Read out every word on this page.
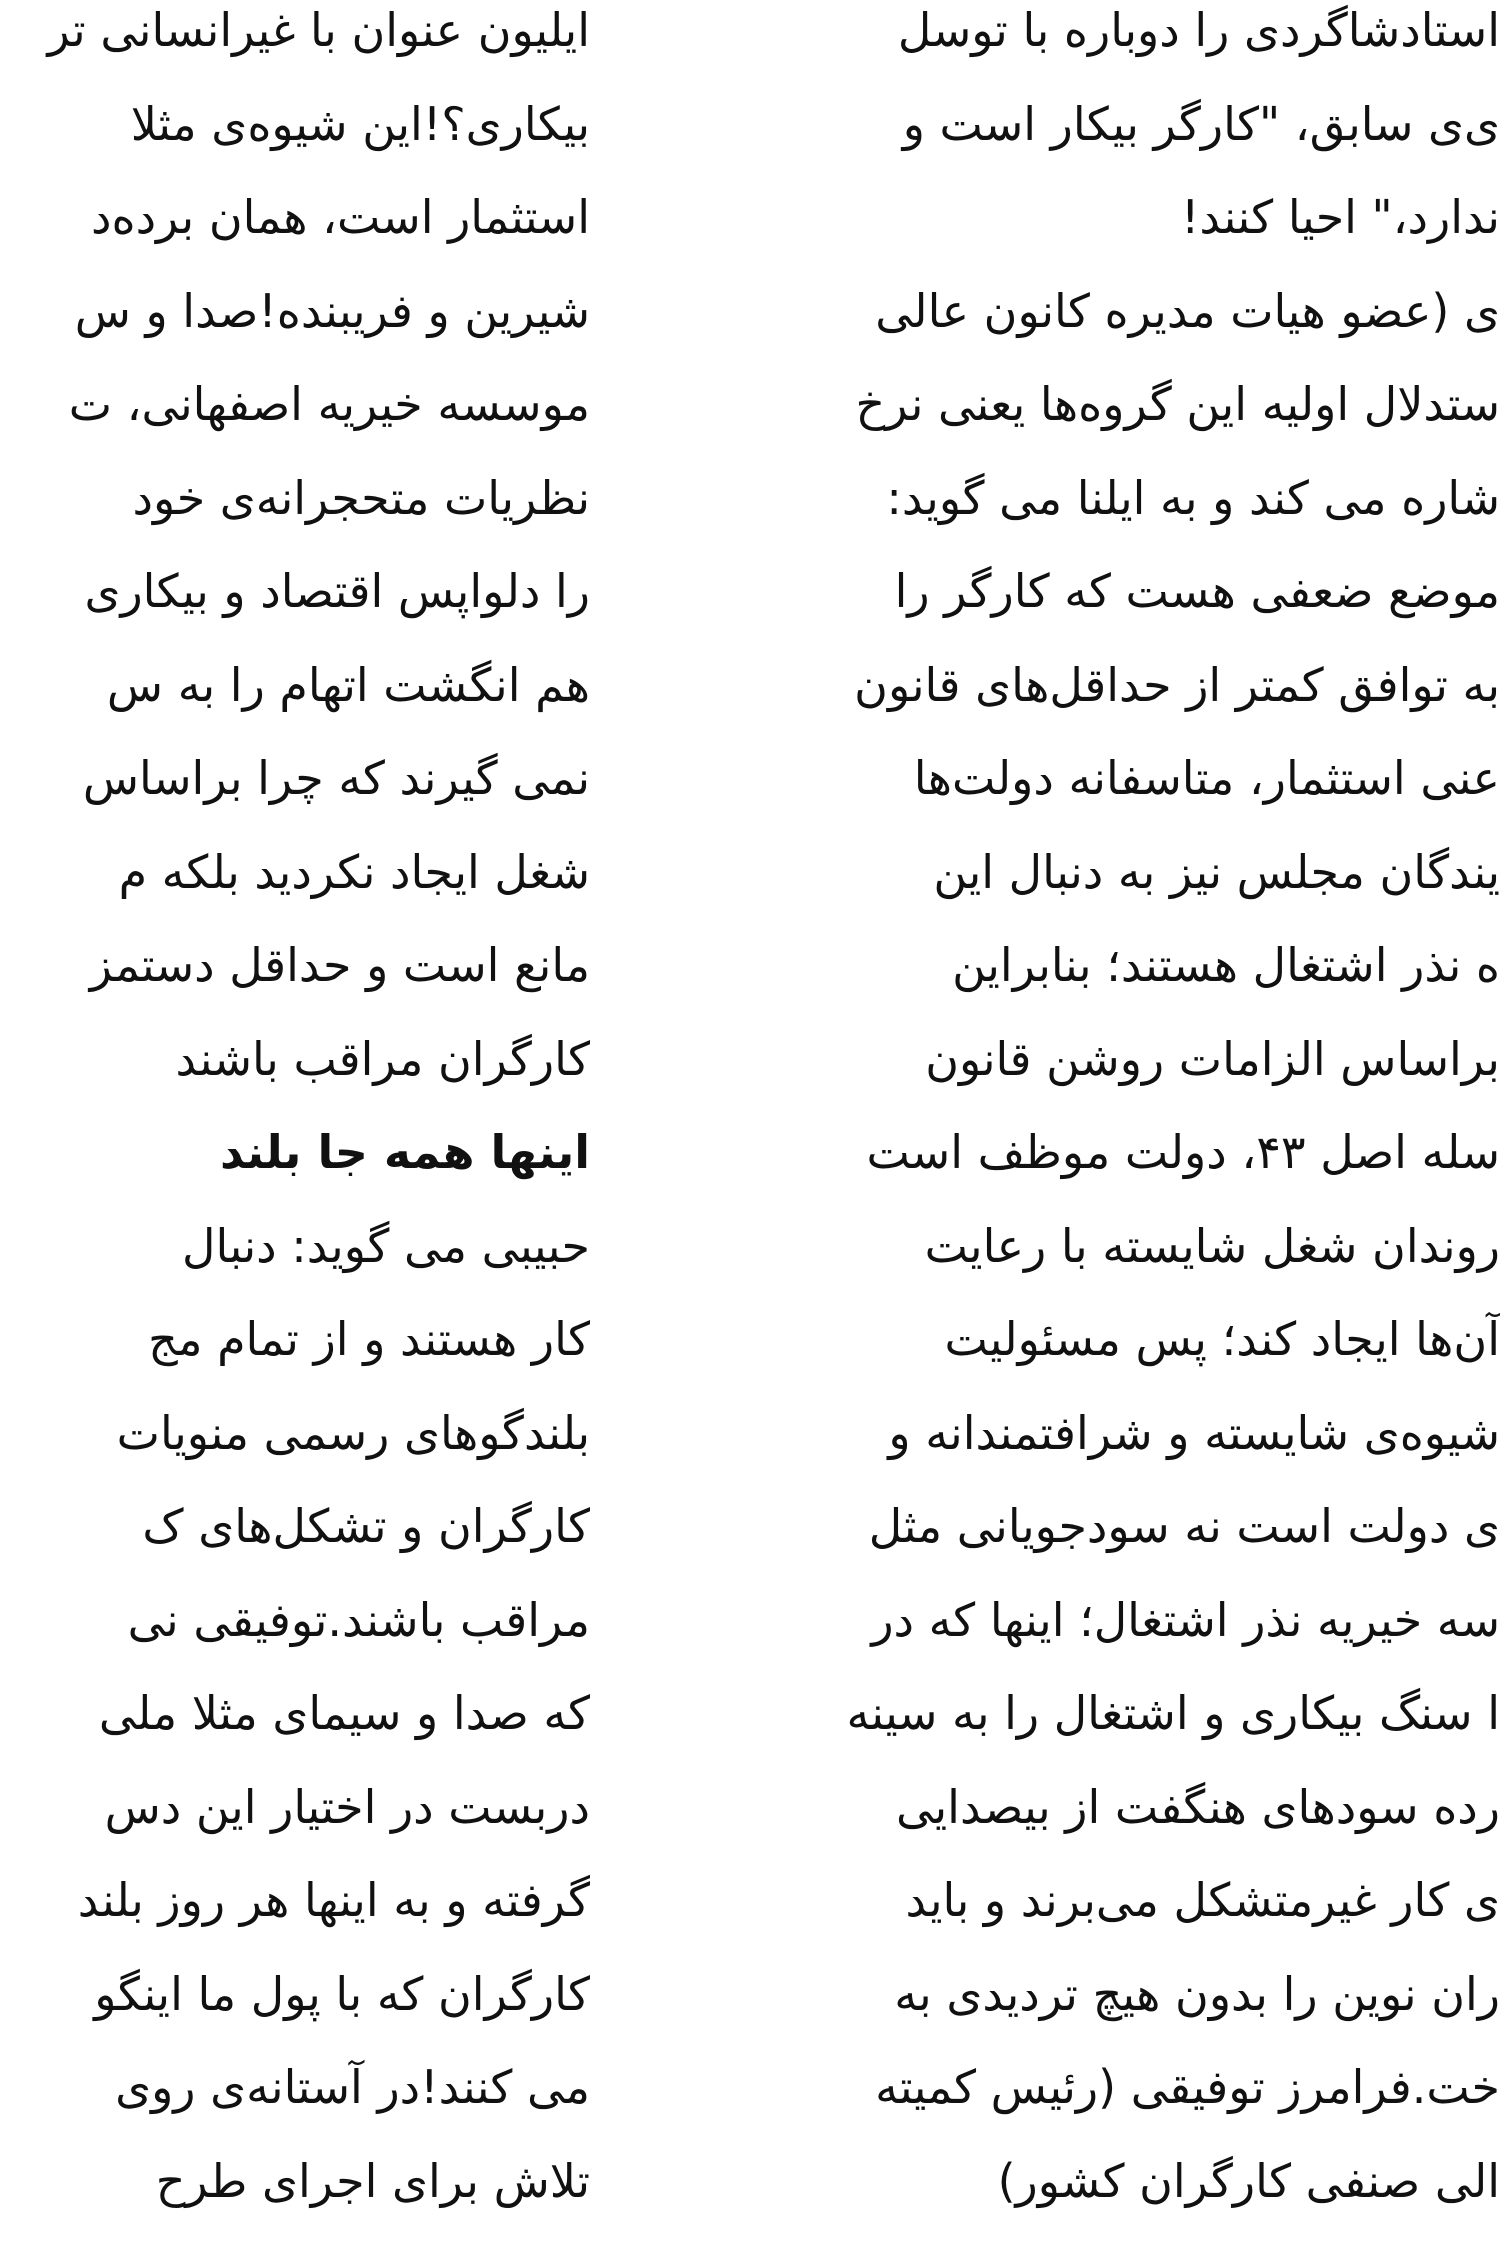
ایلیون عنوان با غیرانسانی تر
بیکاری؟!این شیوه‌ی مثلا
استثمار است، همان برده‌د
شیرین و فریبنده!صدا و س
موسسه خیریه اصفهانی، ت
نظریات متحجرانه‌ی خود
را دلواپس اقتصاد و بیکاری
هم انگشت اتهام را به س
نمی گیرند که چرا براساس
شغل ایجاد نکردید بلکه م
مانع است و حداقل دستمز
کارگران مراقب باشند
اینها همه جا بلند
حبیبی می گوید: دنبال
کار هستند و از تمام مج
بلندگوهای رسمی منویات
کارگران و تشکل‌های ک
مراقب باشند.توفیقی نی
که صدا و سیمای مثلا ملی
دربست در اختیار این دس
گرفته و به اینها هر روز بلند
کارگران که با پول ما اینگو
می کنند!در آستانه‌ی روی
تلاش برای اجرای طرح
استادشاگردی را دوباره با توسل
ی‌ی سابق، "کارگر بیکار است و
ندارد،" احیا کنند!
ی (عضو هیات مدیره کانون عالی
ستدلال اولیه این گروه‌ها یعنی نرخ
شاره می کند و به ایلنا می گوید:
موضع ضعفی هست که کارگر را
به توافق کمتر از حداقل‌های قانون
عنی استثمار، متاسفانه دولت‌ها
یندگان مجلس نیز به دنبال این
ه نذر اشتغال هستند؛ بنابراین
براساس الزامات روشن قانون
سله اصل ۴۳، دولت موظف است
روندان شغل شایسته با رعایت
آن‌ها ایجاد کند؛ پس مسئولیت
شیوه‌ی شایسته و شرافتمندانه و
ی دولت است نه سودجویانی مثل
سه خیریه نذر اشتغال؛ اینها که در
ا سنگ بیکاری و اشتغال را به سینه
رده سودهای هنگفت از بیصدایی
ی کار غیرمتشکل می‌برند و باید
ران نوین را بدون هیچ تردیدی به
خت.فرامرز توفیقی (رئیس کمیته
الی صنفی کارگران کشور)
